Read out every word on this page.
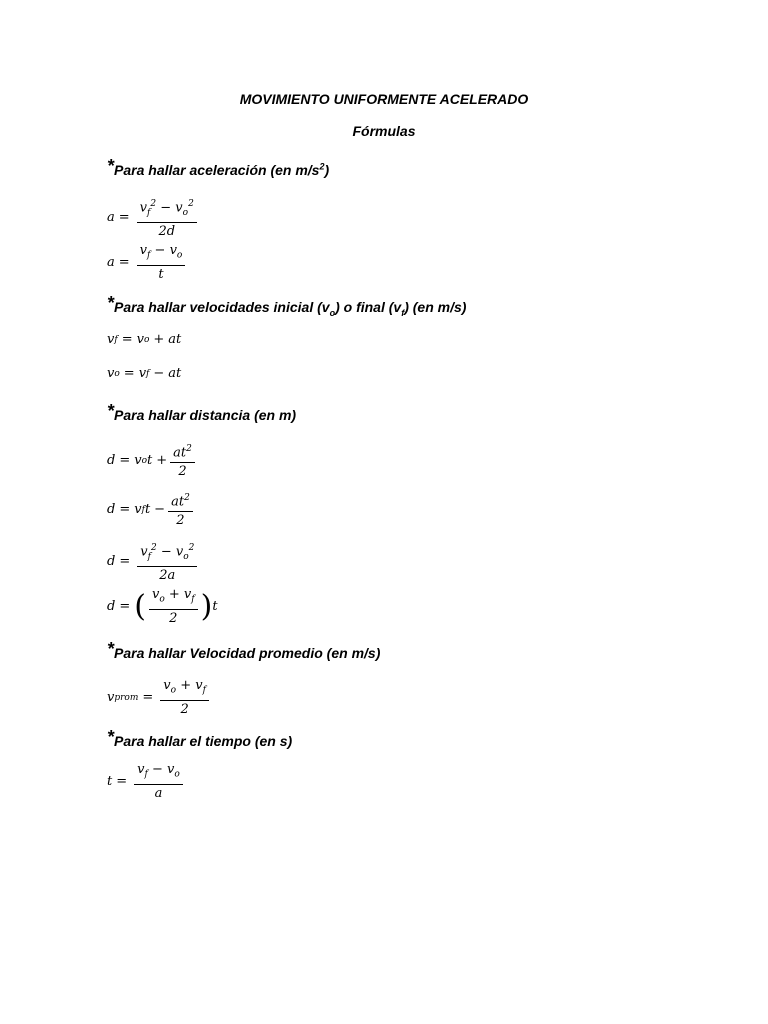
MOVIMIENTO UNIFORMENTE ACELERADO
Fórmulas
*Para hallar aceleración (en $m/s^2$)
$a = \frac{v_f^2 - v_o^2}{2d}$
$a = \frac{v_f - v_o}{t}$
*Para hallar velocidades inicial $(v_o)$ o final $(v_f)$ (en m/s)
v f = v o + at
v o = v f − at
*Para hallar distancia (en m)
d = v o $t + \frac{at^2}{2}$
d = v f $t - \frac{at^2}{2}$
$d = \frac{v_f^2 - v_o^2}{2a}$
d = ( $\frac{v_o + v_f}{2}$ ) t
*Para hallar Velocidad promedio (en m/s)
v prom = $\frac{v_o + v_f}{2}$
*Para hallar el tiempo (en s)
$t = \frac{v_f - v_o}{a}$
